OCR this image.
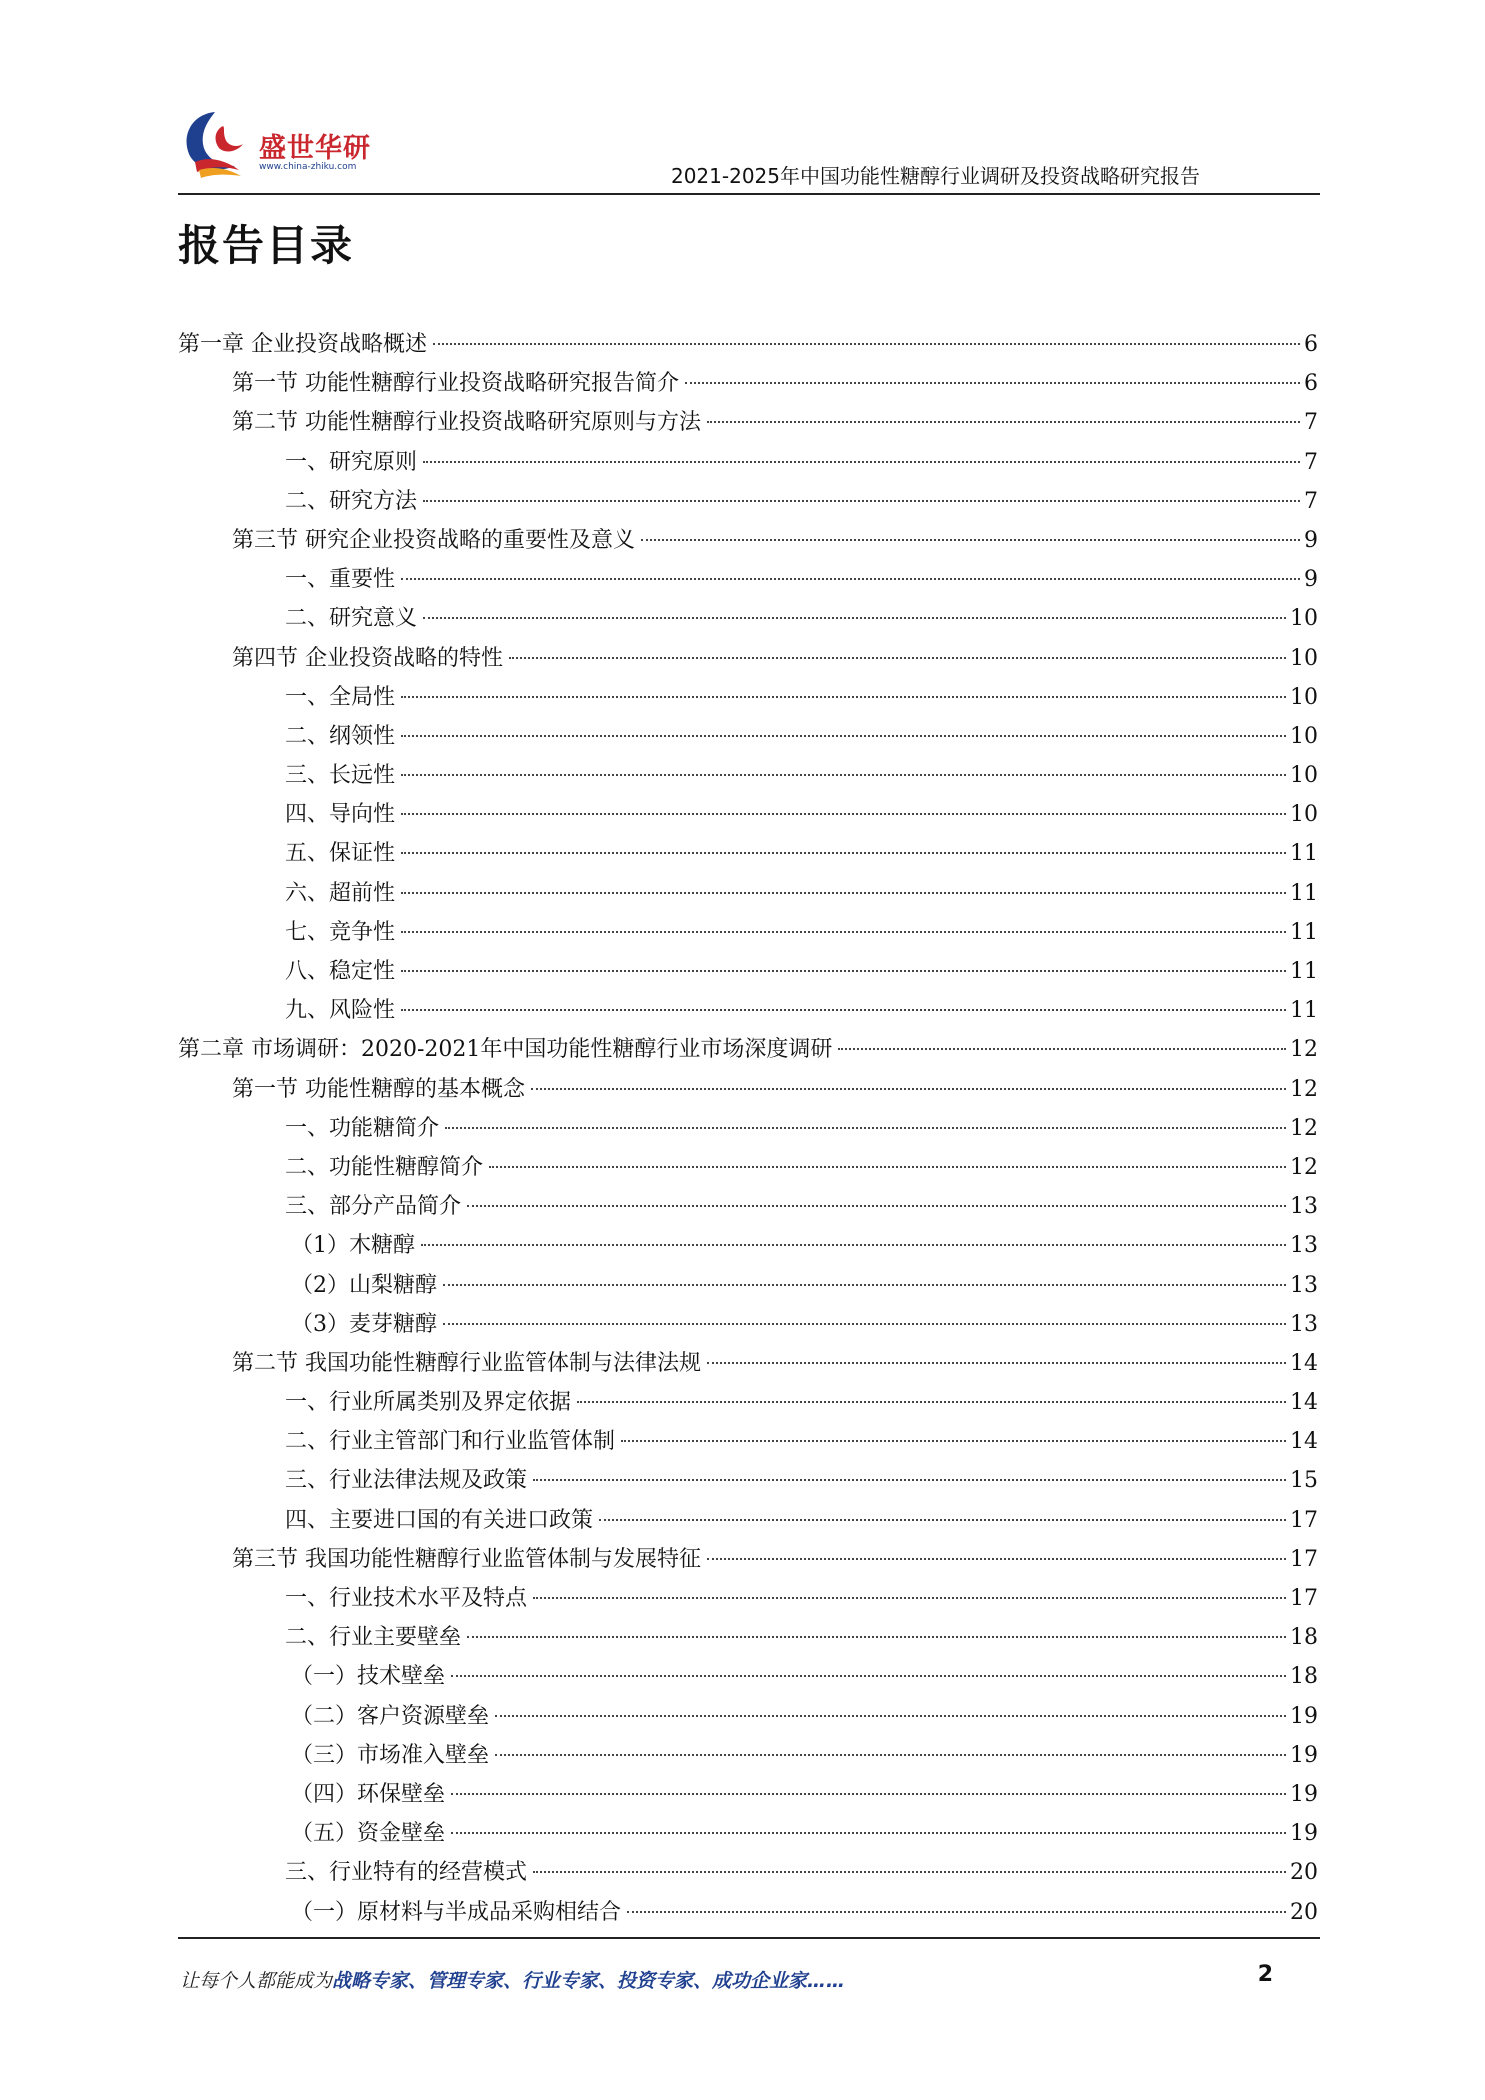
盛世华研
www.china-zhiku.com	2021-2025年中国功能性糖醇行业调研及投资战略研究报告
报告目录
第一章 企业投资战略概述	6
第一节 功能性糖醇行业投资战略研究报告简介	6
第二节 功能性糖醇行业投资战略研究原则与方法	7
一、研究原则	7
二、研究方法	7
第三节 研究企业投资战略的重要性及意义	9
一、重要性	9
二、研究意义	10
第四节 企业投资战略的特性	10
一、全局性	10
二、纲领性	10
三、长远性	10
四、导向性	10
五、保证性	11
六、超前性	11
七、竞争性	11
八、稳定性	11
九、风险性	11
第二章 市场调研：2020-2021年中国功能性糖醇行业市场深度调研	12
第一节 功能性糖醇的基本概念	12
一、功能糖简介	12
二、功能性糖醇简介	12
三、部分产品简介	13
（1）木糖醇	13
（2）山梨糖醇	13
（3）麦芽糖醇	13
第二节 我国功能性糖醇行业监管体制与法律法规	14
一、行业所属类别及界定依据	14
二、行业主管部门和行业监管体制	14
三、行业法律法规及政策	15
四、主要进口国的有关进口政策	17
第三节 我国功能性糖醇行业监管体制与发展特征	17
一、行业技术水平及特点	17
二、行业主要壁垒	18
（一）技术壁垒	18
（二）客户资源壁垒	19
（三）市场准入壁垒	19
（四）环保壁垒	19
（五）资金壁垒	19
三、行业特有的经营模式	20
（一）原材料与半成品采购相结合	20
让每个人都能成为战略专家、管理专家、行业专家、投资专家、成功企业家……	2
